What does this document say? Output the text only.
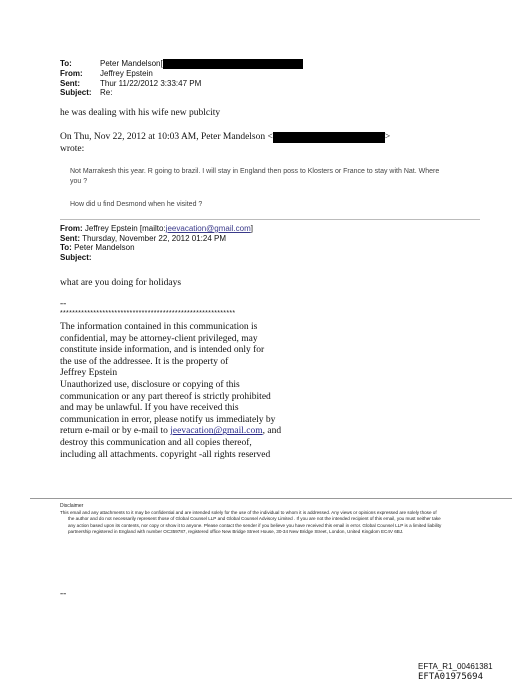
To:	Peter Mandelson[
From:	Jeffrey Epstein
Sent:	Thur 11/22/2012 3:33:47 PM
Subject:	Re:
he was dealing with his wife new publcity
On Thu, Nov 22, 2012 at 10:03 AM, Peter Mandelson <	>
wrote:
Not Marrakesh this year. R going to brazil. I will stay in England then poss to Klosters or France to stay with Nat. Where you ?
How did u find Desmond when he visited ?
From: Jeffrey Epstein [mailto:jeevacation@gmail.com]
Sent: Thursday, November 22, 2012 01:24 PM
To: Peter Mandelson
Subject:
what are you doing for holidays
--
**********************************************************
The information contained in this communication is
confidential, may be attorney-client privileged, may
constitute inside information, and is intended only for
the use of the addressee. It is the property of
Jeffrey Epstein
Unauthorized use, disclosure or copying of this
communication or any part thereof is strictly prohibited
and may be unlawful. If you have received this
communication in error, please notify us immediately by
return e-mail or by e-mail to jeevacation@gmail.com, and
destroy this communication and all copies thereof,
including all attachments. copyright -all rights reserved
Disclaimer
This email and any attachments to it may be confidential and are intended solely for the use of the individual to whom it is addressed. Any views or opinions expressed are solely those of the author and do not necessarily represent those of Global Counsel LLP and Global Counsel Advisory Limited . If you are not the intended recipient of this email, you must neither take any action based upon its contents, nor copy or show it to anyone. Please contact the sender if you believe you have received this email in error. Global Counsel LLP is a limited liability partnership registered in England with number OC359787, registered office New Bridge Street House, 30-34 New Bridge Street, London, United Kingdom EC4V 6BJ.
--
EFTA_R1_00461381
EFTA01975694
